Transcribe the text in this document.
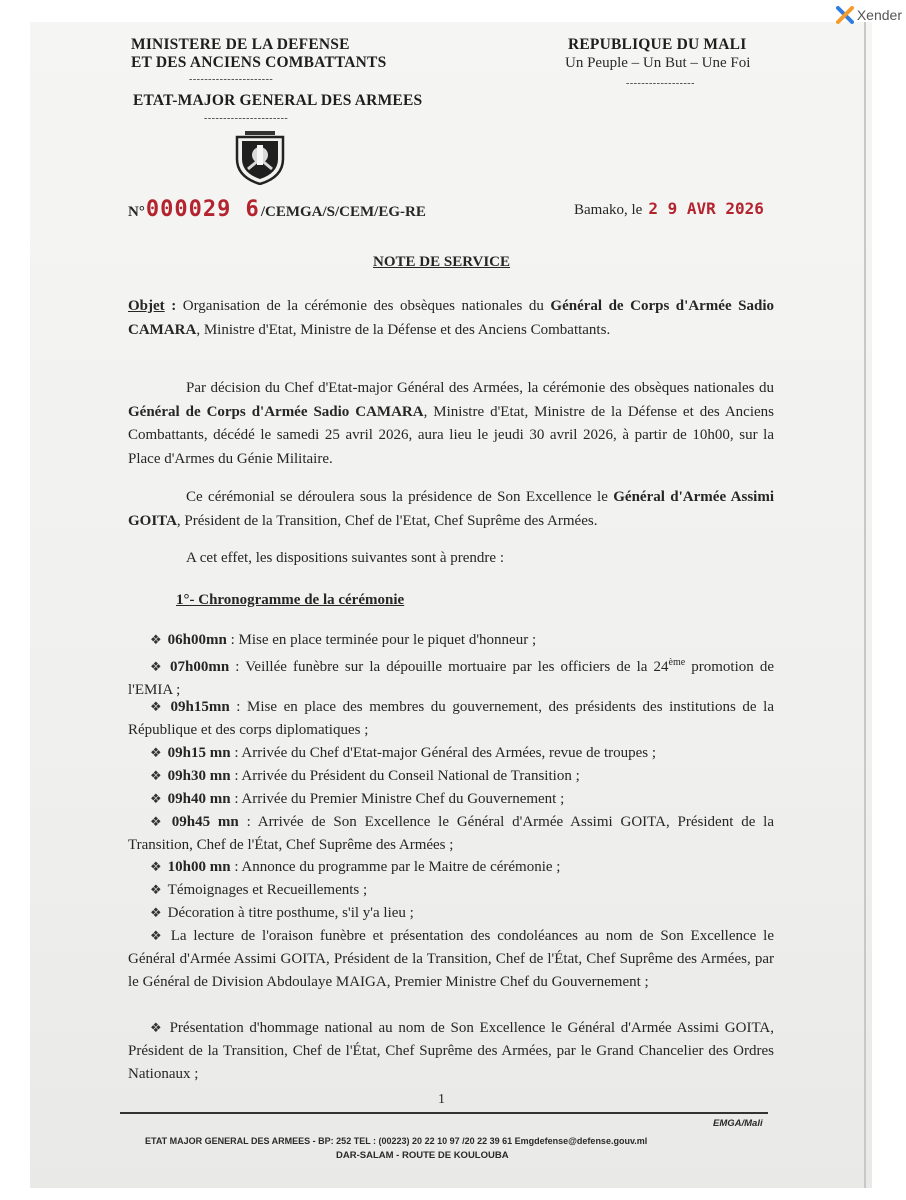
Xender
MINISTERE DE LA DEFENSE
ET DES ANCIENS COMBATTANTS
----------------------
ETAT-MAJOR GENERAL DES ARMEES
----------------------
REPUBLIQUE DU MALI
Un Peuple – Un But – Une Foi
------------------
N° 000029 6 /CEMGA/S/CEM/EG-RE	Bamako, le 2 9 AVR 2026
NOTE DE SERVICE
Objet : Organisation de la cérémonie des obsèques nationales du Général de Corps d'Armée Sadio CAMARA, Ministre d'Etat, Ministre de la Défense et des Anciens Combattants.
Par décision du Chef d'Etat-major Général des Armées, la cérémonie des obsèques nationales du Général de Corps d'Armée Sadio CAMARA, Ministre d'Etat, Ministre de la Défense et des Anciens Combattants, décédé le samedi 25 avril 2026, aura lieu le jeudi 30 avril 2026, à partir de 10h00, sur la Place d'Armes du Génie Militaire.
Ce cérémonial se déroulera sous la présidence de Son Excellence le Général d'Armée Assimi GOITA, Président de la Transition, Chef de l'Etat, Chef Suprême des Armées.
A cet effet, les dispositions suivantes sont à prendre :
1°- Chronogramme de la cérémonie
❖ 06h00mn : Mise en place terminée pour le piquet d'honneur ;
❖ 07h00mn : Veillée funèbre sur la dépouille mortuaire par les officiers de la 24ème promotion de l'EMIA ;
❖ 09h15mn : Mise en place des membres du gouvernement, des présidents des institutions de la République et des corps diplomatiques ;
❖ 09h15 mn : Arrivée du Chef d'Etat-major Général des Armées, revue de troupes ;
❖ 09h30 mn : Arrivée du Président du Conseil National de Transition ;
❖ 09h40 mn : Arrivée du Premier Ministre Chef du Gouvernement ;
❖ 09h45 mn : Arrivée de Son Excellence le Général d'Armée Assimi GOITA, Président de la Transition, Chef de l'État, Chef Suprême des Armées ;
❖ 10h00 mn : Annonce du programme par le Maitre de cérémonie ;
❖ Témoignages et Recueillements ;
❖ Décoration à titre posthume, s'il y'a lieu ;
❖ La lecture de l'oraison funèbre et présentation des condoléances au nom de Son Excellence le Général d'Armée Assimi GOITA, Président de la Transition, Chef de l'État, Chef Suprême des Armées, par le Général de Division Abdoulaye MAIGA, Premier Ministre Chef du Gouvernement ;
❖ Présentation d'hommage national au nom de Son Excellence le Général d'Armée Assimi GOITA, Président de la Transition, Chef de l'État, Chef Suprême des Armées, par le Grand Chancelier des Ordres Nationaux ;
1
EMGA/Mali
ETAT MAJOR GENERAL DES ARMEES - BP: 252 TEL : (00223) 20 22 10 97 /20 22 39 61 Emgdefense@defense.gouv.ml
DAR-SALAM - ROUTE DE KOULOUBA
